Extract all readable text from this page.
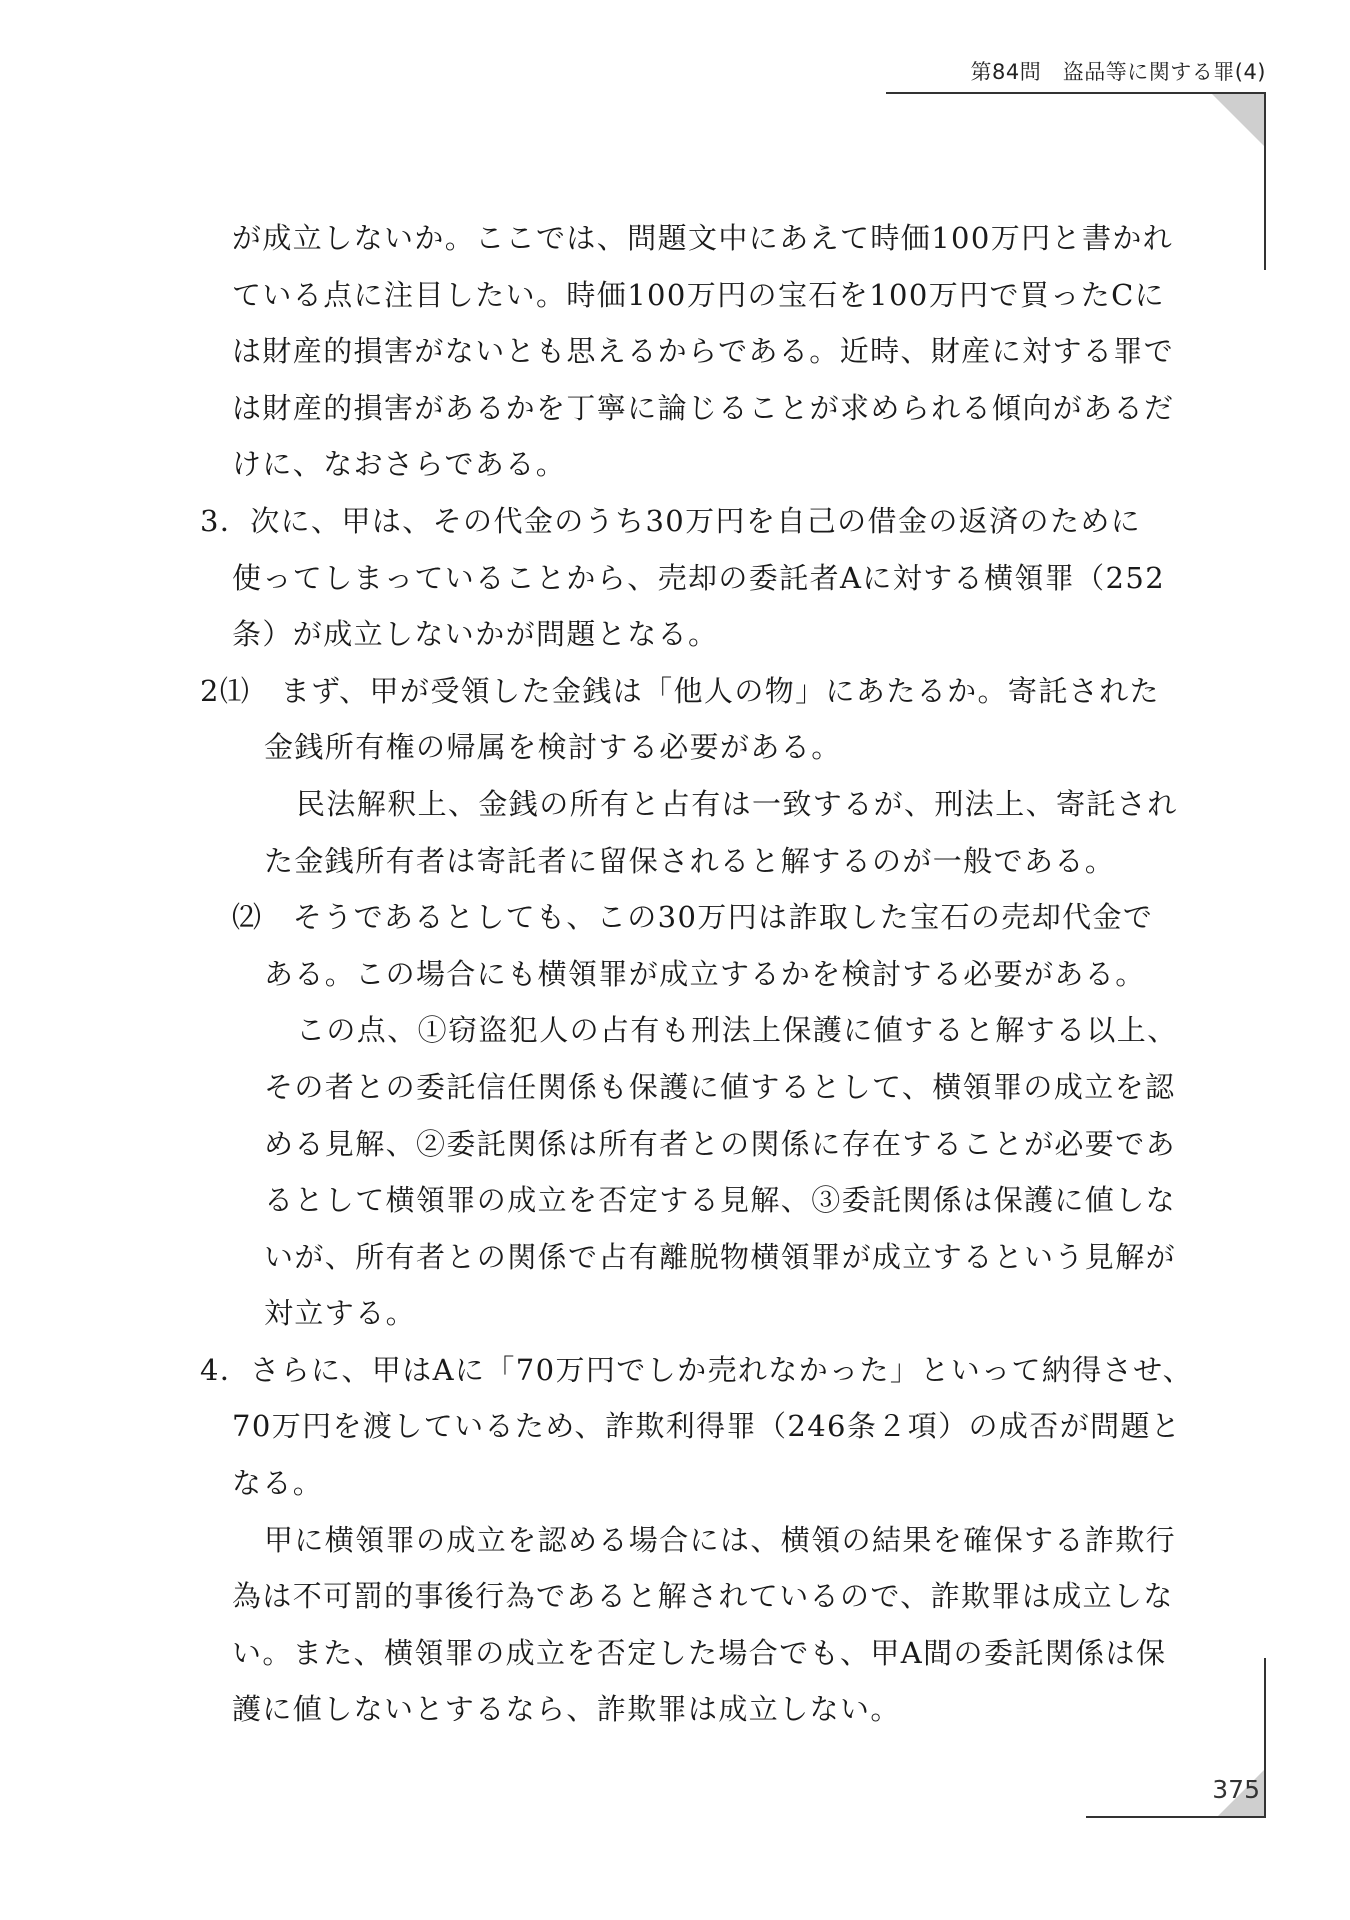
第84問　盗品等に関する罪(4)
が成立しないか。ここでは、問題文中にあえて時価100万円と書かれ
ている点に注目したい。時価100万円の宝石を100万円で買ったCに
は財産的損害がないとも思えるからである。近時、財産に対する罪で
は財産的損害があるかを丁寧に論じることが求められる傾向があるだ
けに、なおさらである。
3．次に、甲は、その代金のうち30万円を自己の借金の返済のために
使ってしまっていることから、売却の委託者Aに対する横領罪（252
条）が成立しないかが問題となる。
2⑴　まず、甲が受領した金銭は「他人の物」にあたるか。寄託された
金銭所有権の帰属を検討する必要がある。
民法解釈上、金銭の所有と占有は一致するが、刑法上、寄託され
た金銭所有者は寄託者に留保されると解するのが一般である。
⑵　そうであるとしても、この30万円は詐取した宝石の売却代金で
ある。この場合にも横領罪が成立するかを検討する必要がある。
この点、①窃盗犯人の占有も刑法上保護に値すると解する以上、
その者との委託信任関係も保護に値するとして、横領罪の成立を認
める見解、②委託関係は所有者との関係に存在することが必要であ
るとして横領罪の成立を否定する見解、③委託関係は保護に値しな
いが、所有者との関係で占有離脱物横領罪が成立するという見解が
対立する。
4．さらに、甲はAに「70万円でしか売れなかった」といって納得させ、
70万円を渡しているため、詐欺利得罪（246条２項）の成否が問題と
なる。
甲に横領罪の成立を認める場合には、横領の結果を確保する詐欺行
為は不可罰的事後行為であると解されているので、詐欺罪は成立しな
い。また、横領罪の成立を否定した場合でも、甲A間の委託関係は保
護に値しないとするなら、詐欺罪は成立しない。
375
